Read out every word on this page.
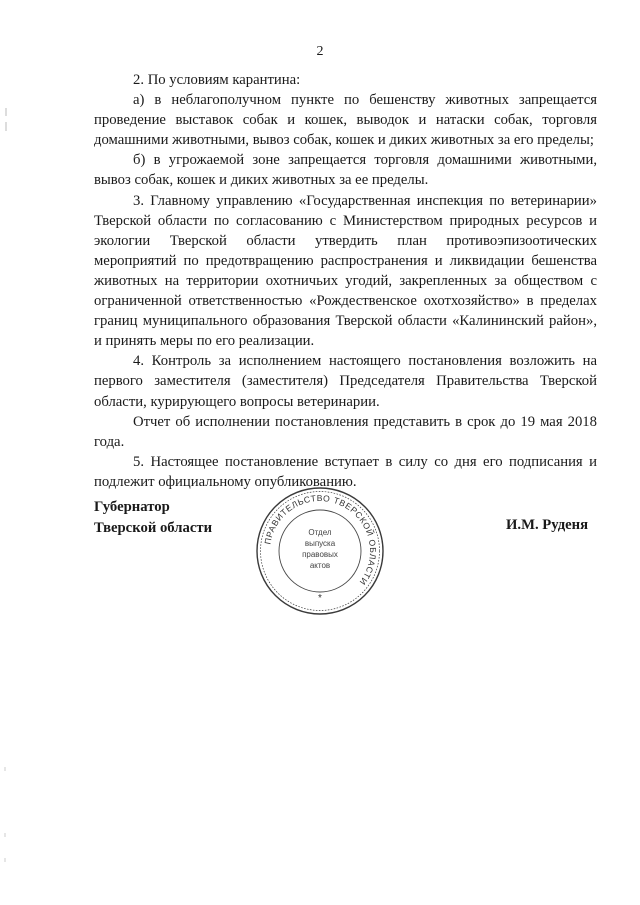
2

2. По условиям карантина:

а) в неблагополучном пункте по бешенству животных запрещается проведение выставок собак и кошек, выводок и натаски собак, торговля домашними животными, вывоз собак, кошек и диких животных за его пределы;

б) в угрожаемой зоне запрещается торговля домашними животными, вывоз собак, кошек и диких животных за ее пределы.

3. Главному управлению «Государственная инспекция по ветеринарии» Тверской области по согласованию с Министерством природных ресурсов и экологии Тверской области утвердить план противоэпизоотических мероприятий по предотвращению распространения и ликвидации бешенства животных на территории охотничьих угодий, закрепленных за обществом с ограниченной ответственностью «Рождественское охотхозяйство» в пределах границ муниципального образования Тверской области «Калининский район», и принять меры по его реализации.

4. Контроль за исполнением настоящего постановления возложить на первого заместителя (заместителя) Председателя Правительства Тверской области, курирующего вопросы ветеринарии.

Отчет об исполнении постановления представить в срок до 19 мая 2018 года.

5. Настоящее постановление вступает в силу со дня его подписания и подлежит официальному опубликованию.

Губернатор
Тверской области
ПРАВИТЕЛЬСТВО ТВЕРСКОЙ ОБЛАСТИ
Отдел
выпуска
правовых
актов
*
И.М. Руденя
